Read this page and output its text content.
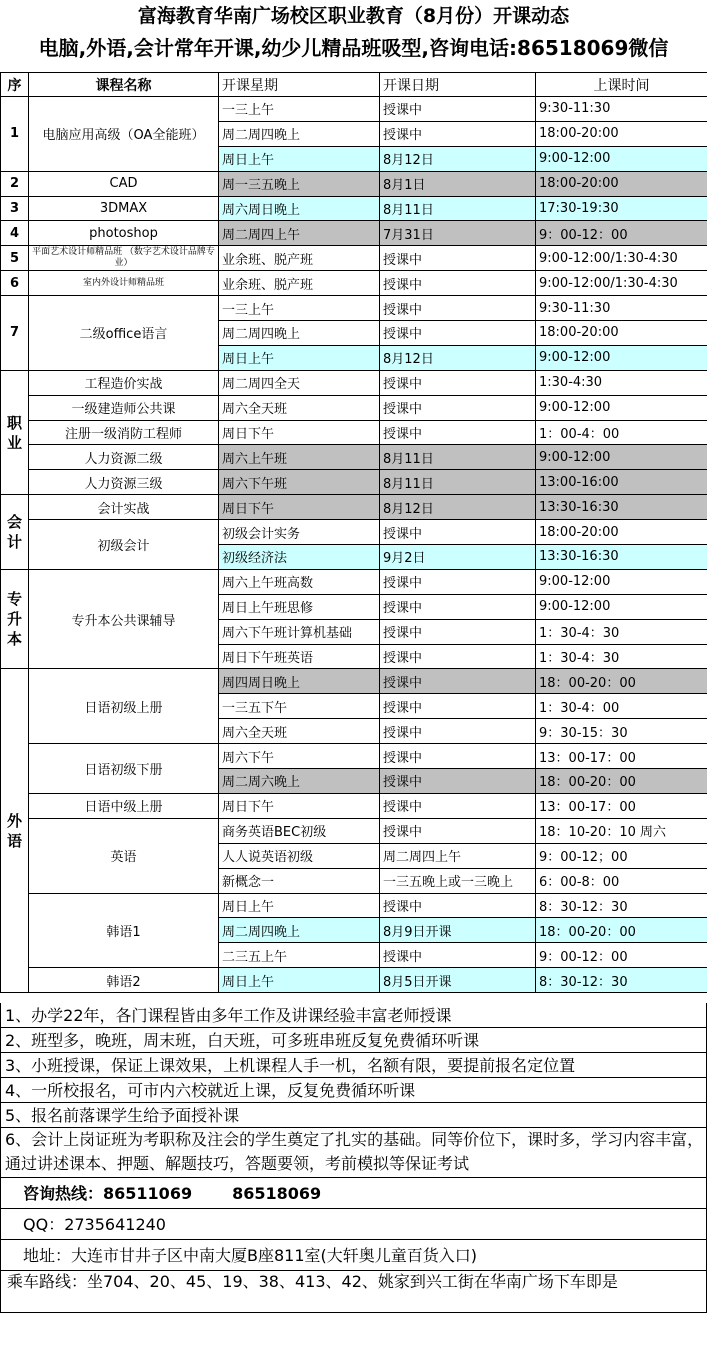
富海教育华南广场校区职业教育（8月份）开课动态
电脑,外语,会计常年开课,幼少儿精品班吸型,咨询电话:86518069微信
序	课程名称	开课星期	开课日期	上课时间
1	电脑应用高级（OA全能班）	一三上午	授课中	9:30-11:30
		周二周四晚上	授课中	18:00-20:00
		周日上午	8月12日	9:00-12:00
2	CAD	周一三五晚上	8月1日	18:00-20:00
3	3DMAX	周六周日晚上	8月11日	17:30-19:30
4	photoshop	周二周四上午	7月31日	9：00-12：00
5	平面艺术设计师精品班 （数字艺术设计品牌专业）	业余班、脱产班	授课中	9:00-12:00/1:30-4:30
6	室内外设计师精品班	业余班、脱产班	授课中	9:00-12:00/1:30-4:30
7	二级office语言	一三上午	授课中	9:30-11:30
		周二周四晚上	授课中	18:00-20:00
		周日上午	8月12日	9:00-12:00
职业	工程造价实战	周二周四全天	授课中	1:30-4:30
	一级建造师公共课	周六全天班	授课中	9:00-12:00
	注册一级消防工程师	周日下午	授课中	1：00-4：00
	人力资源二级	周六上午班	8月11日	9:00-12:00
	人力资源三级	周六下午班	8月11日	13:00-16:00
会计	会计实战	周日下午	8月12日	13:30-16:30
	初级会计	初级会计实务	授课中	18:00-20:00
		初级经济法	9月2日	13:30-16:30
专升本	专升本公共课辅导	周六上午班高数	授课中	9:00-12:00
		周日上午班思修	授课中	9:00-12:00
		周六下午班计算机基础	授课中	1：30-4：30
		周日下午班英语	授课中	1：30-4：30
外语	日语初级上册	周四周日晚上	授课中	18：00-20：00
		一三五下午	授课中	1：30-4：00
		周六全天班	授课中	9：30-15：30
	日语初级下册	周六下午	授课中	13：00-17：00
		周二周六晚上	授课中	18：00-20：00
	日语中级上册	周日下午	授课中	13：00-17：00
	英语	商务英语BEC初级	授课中	18：10-20：10 周六
		人人说英语初级	周二周四上午	9：00-12；00
		新概念一	一三五晚上或一三晚上	6：00-8：00
	韩语1	周日上午	授课中	8：30-12：30
		周二周四晚上	8月9日开课	18：00-20：00
		二三五上午	授课中	9：00-12：00
	韩语2	周日上午	8月5日开课	8：30-12：30
1、办学22年，各门课程皆由多年工作及讲课经验丰富老师授课
2、班型多，晚班，周末班，白天班，可多班串班反复免费循环听课
3、小班授课，保证上课效果，上机课程人手一机，名额有限，要提前报名定位置
4、一所校报名，可市内六校就近上课，反复免费循环听课
5、报名前落课学生给予面授补课
6、会计上岗证班为考职称及注会的学生奠定了扎实的基础。同等价位下，课时多，学习内容丰富，通过讲述课本、押题、解题技巧，答题要领，考前模拟等保证考试
咨询热线：86511069	86518069
QQ：2735641240
地址：大连市甘井子区中南大厦B座811室(大轩奥儿童百货入口)
乘车路线：坐704、20、45、19、38、413、42、姚家到兴工街在华南广场下车即是
